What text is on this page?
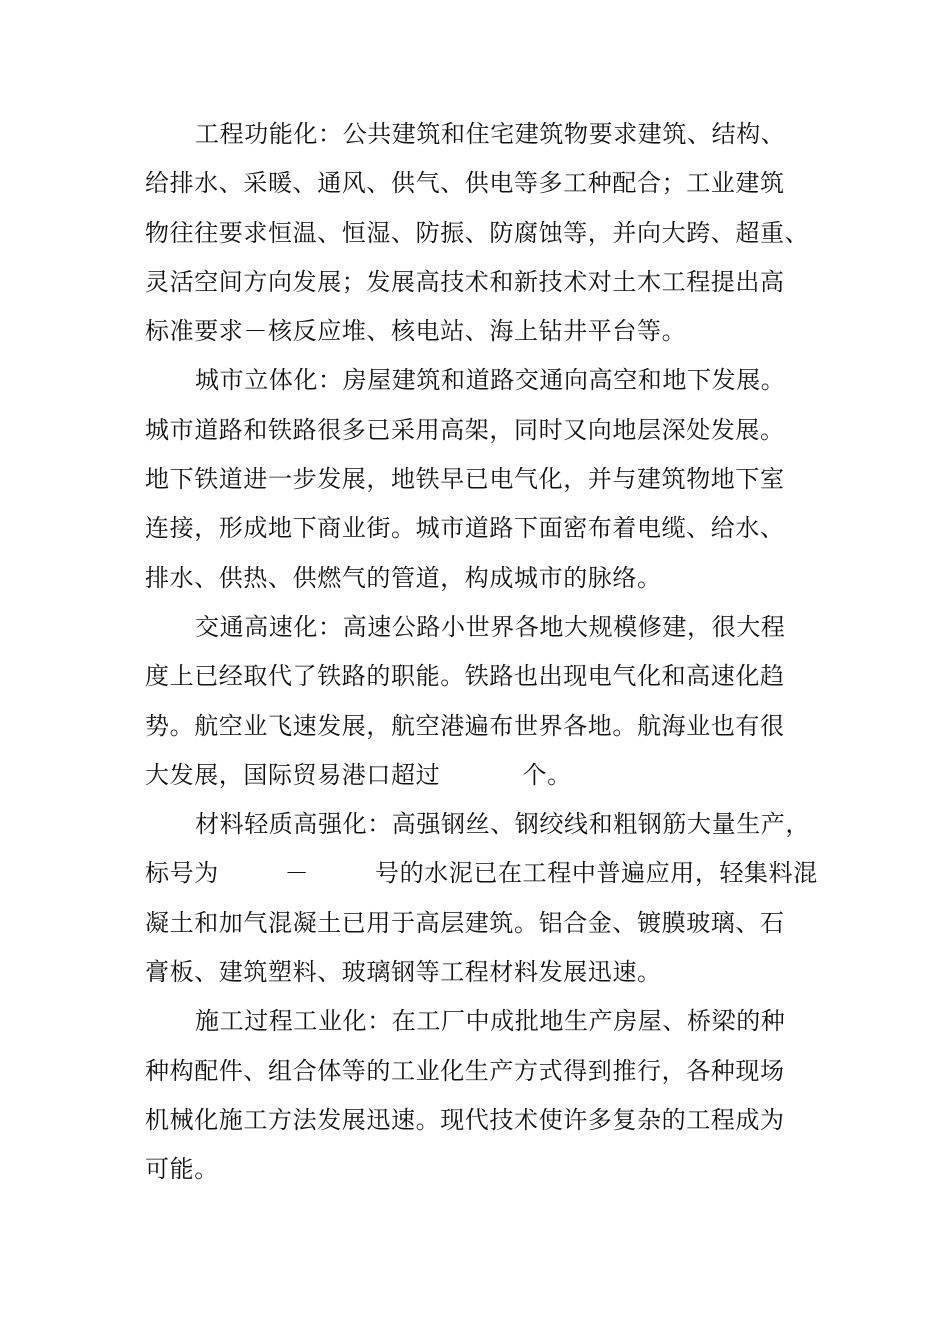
工程功能化：公共建筑和住宅建筑物要求建筑、结构、
给排水、采暖、通风、供气、供电等多工种配合；工业建筑
物往往要求恒温、恒湿、防振、防腐蚀等，并向大跨、超重、
灵活空间方向发展；发展高技术和新技术对土木工程提出高
标准要求－核反应堆、核电站、海上钻井平台等。
城市立体化：房屋建筑和道路交通向高空和地下发展。
城市道路和铁路很多已采用高架，同时又向地层深处发展。
地下铁道进一步发展，地铁早已电气化，并与建筑物地下室
连接，形成地下商业街。城市道路下面密布着电缆、给水、
排水、供热、供燃气的管道，构成城市的脉络。
交通高速化：高速公路小世界各地大规模修建，很大程
度上已经取代了铁路的职能。铁路也出现电气化和高速化趋
势。航空业飞速发展，航空港遍布世界各地。航海业也有很
大发展，国际贸易港口超过          个。
材料轻质高强化：高强钢丝、钢绞线和粗钢筋大量生产，
标号为        －        号的水泥已在工程中普遍应用，轻集料混
凝土和加气混凝土已用于高层建筑。铝合金、镀膜玻璃、石
膏板、建筑塑料、玻璃钢等工程材料发展迅速。
施工过程工业化：在工厂中成批地生产房屋、桥梁的种
种构配件、组合体等的工业化生产方式得到推行，各种现场
机械化施工方法发展迅速。现代技术使许多复杂的工程成为
可能。
